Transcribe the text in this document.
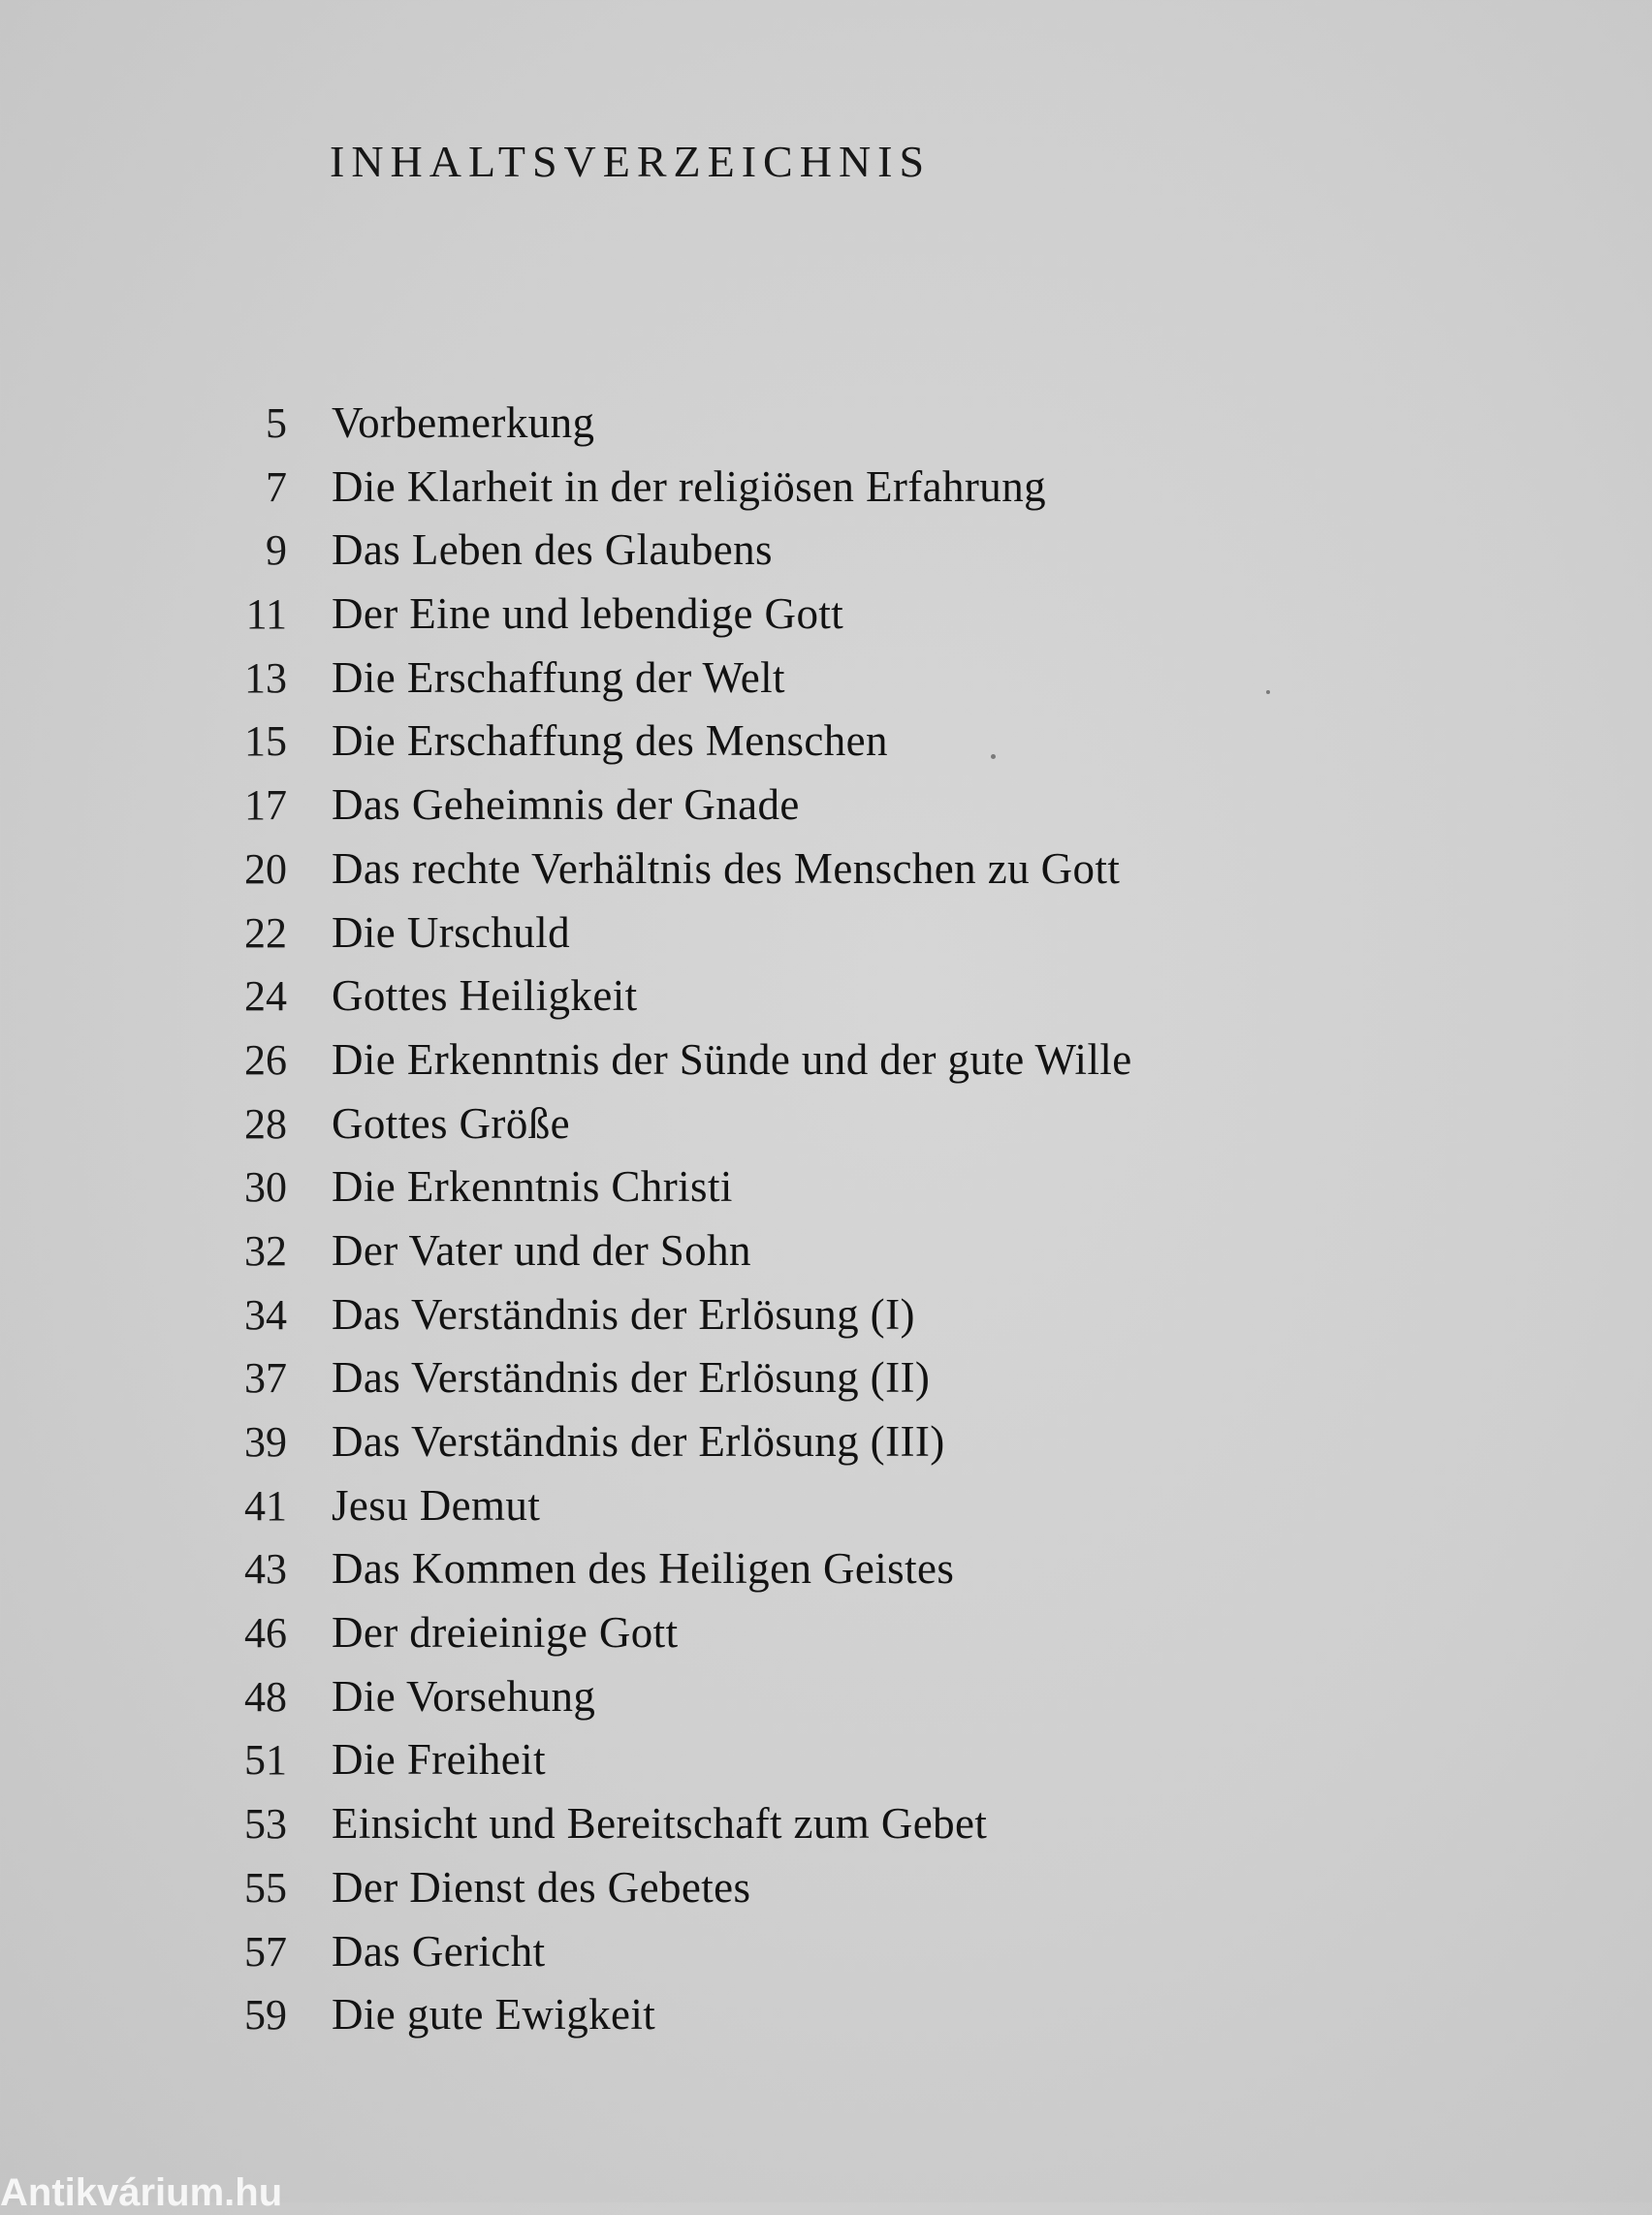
INHALTSVERZEICHNIS
5 Vorbemerkung
7 Die Klarheit in der religiösen Erfahrung
9 Das Leben des Glaubens
11 Der Eine und lebendige Gott
13 Die Erschaffung der Welt
15 Die Erschaffung des Menschen
17 Das Geheimnis der Gnade
20 Das rechte Verhältnis des Menschen zu Gott
22 Die Urschuld
24 Gottes Heiligkeit
26 Die Erkenntnis der Sünde und der gute Wille
28 Gottes Größe
30 Die Erkenntnis Christi
32 Der Vater und der Sohn
34 Das Verständnis der Erlösung (I)
37 Das Verständnis der Erlösung (II)
39 Das Verständnis der Erlösung (III)
41 Jesu Demut
43 Das Kommen des Heiligen Geistes
46 Der dreieinige Gott
48 Die Vorsehung
51 Die Freiheit
53 Einsicht und Bereitschaft zum Gebet
55 Der Dienst des Gebetes
57 Das Gericht
59 Die gute Ewigkeit
Antikvárium.hu
